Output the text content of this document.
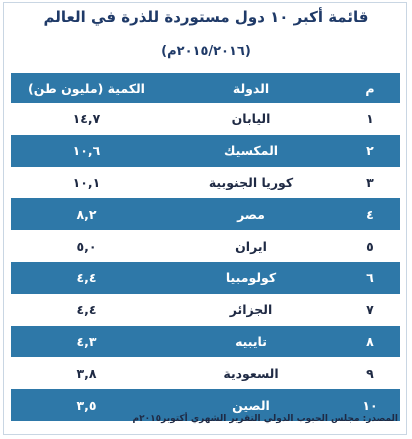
قائمة أكبر ١٠ دول مستوردة للذرة في العالم
(٢٠١٥/٢٠١٦م)
م
الدولة
الكمية (مليون طن)
١
اليابان
١٤,٧
٢
المكسيك
١٠,٦
٣
كوريا الجنوبية
١٠,١
٤
مصر
٨,٢
٥
ايران
٥,٠
٦
كولومبيا
٤,٤
٧
الجزائر
٤,٤
٨
تايبيه
٤,٣
٩
السعودية
٣,٨
١٠
الصين
٣,٥
المصدر: مجلس الحبوب الدولي التقرير الشهري أكتوبر٢٠١٥م
